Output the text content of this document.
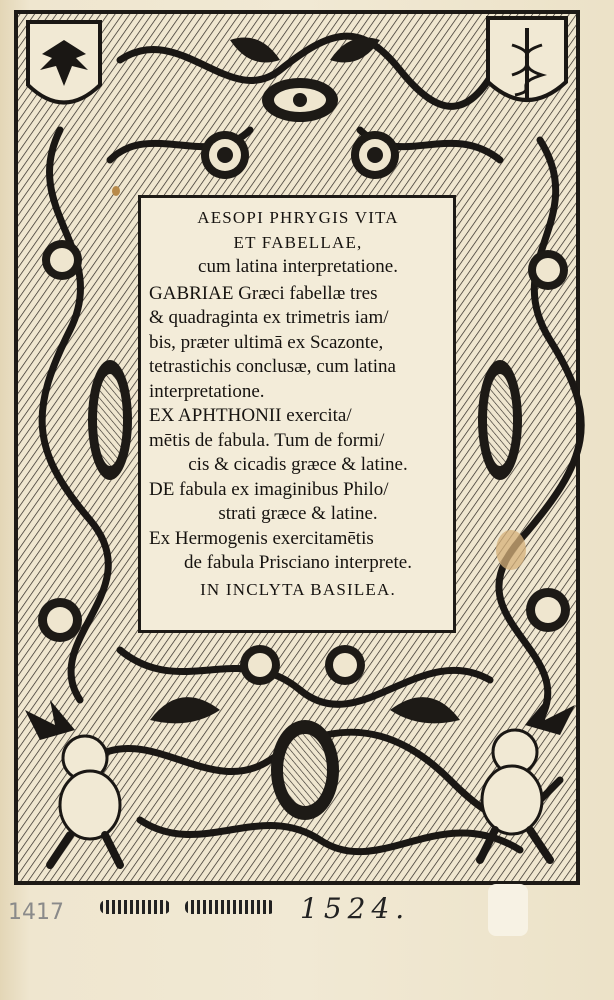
AESOPI PHRYGIS VITA
ET FABELLAE,
cum latina interpretatione.
GABRIAE Græci fabellæ tres
& quadraginta ex trimetris iam/
bis, præter ultimā ex Scazonte,
tetrastichis conclusæ, cum latina
interpretatione.
EX APHTHONII exercita/
mētis de fabula. Tum de formi/
cis & cicadis græce & latine.
DE fabula ex imaginibus Philo/
strati græce & latine.
Ex Hermogenis exercitamētis
de fabula Prisciano interprete.
IN INCLYTA BASILEA.
1417	1524.
